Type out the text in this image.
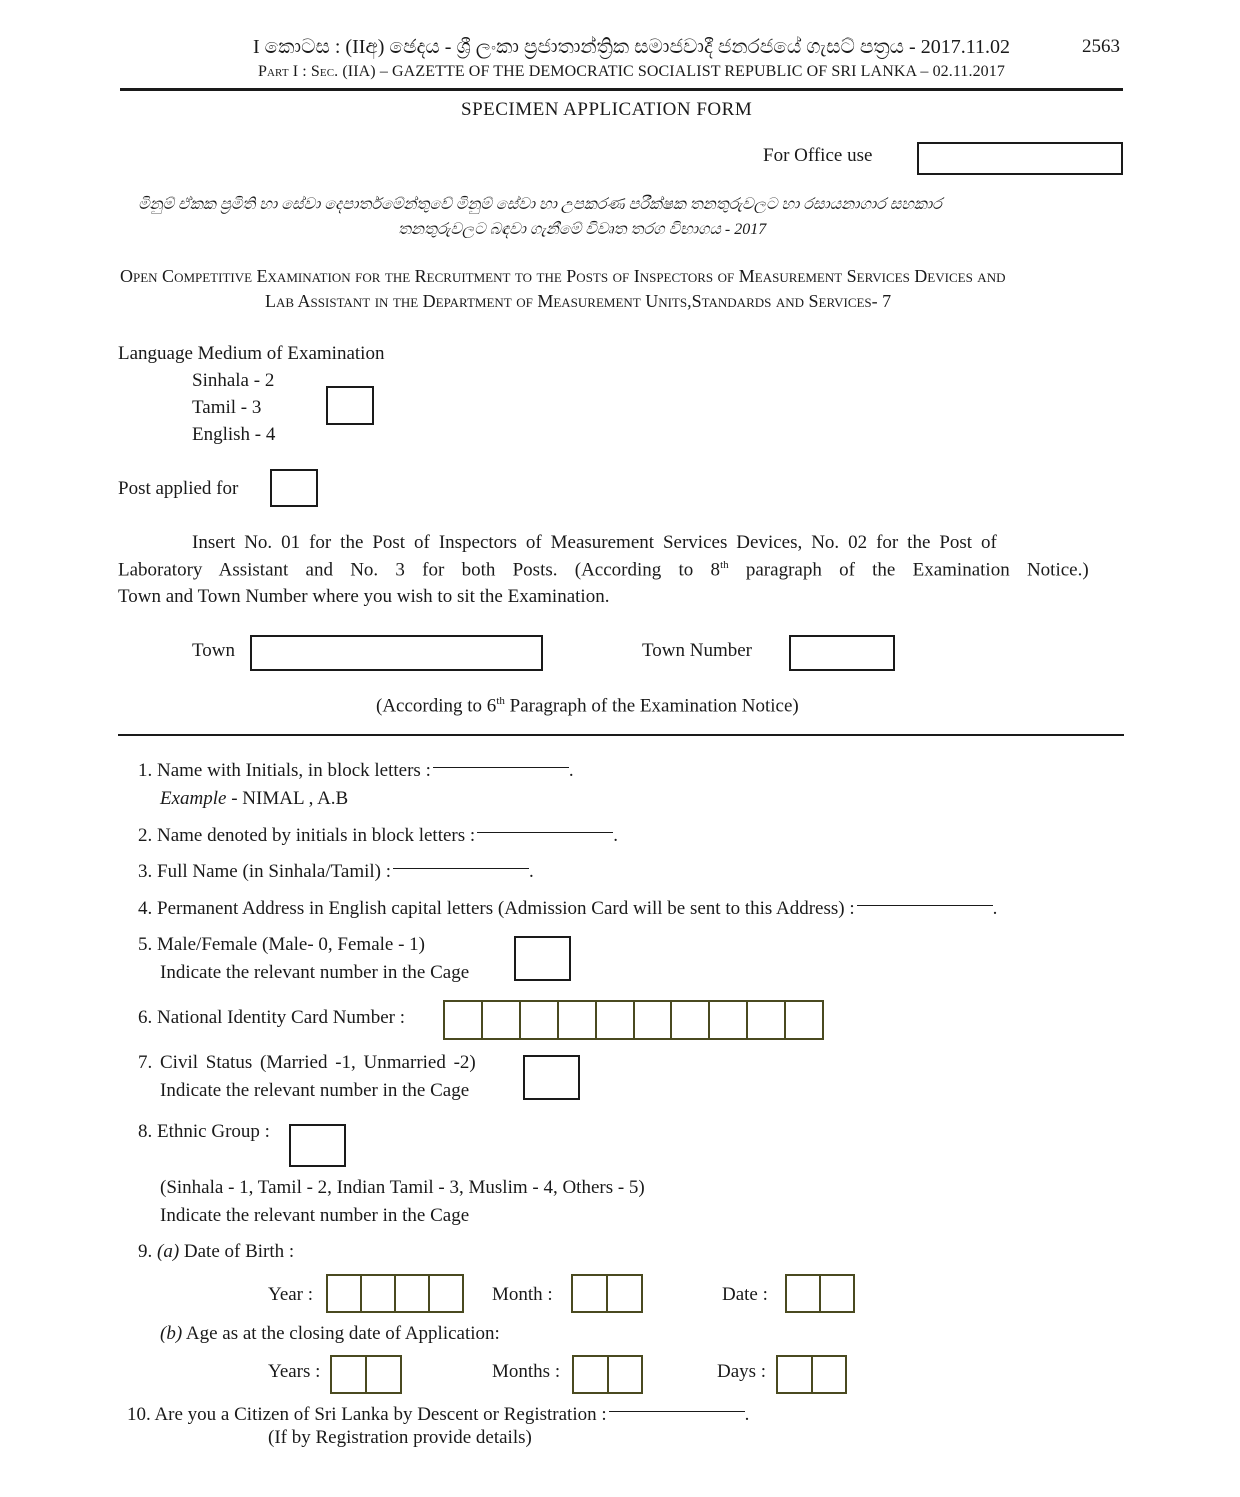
I කොටස : (IIඅ) ඡෙදය - ශ්‍රී ලංකා ප්‍රජාතාන්ත්‍රික සමාජවාදී ජනරජයේ ගැසට් පත්‍රය - 2017.11.02	2563
Part I : Sec. (IIA) – GAZETTE OF THE DEMOCRATIC SOCIALIST REPUBLIC OF SRI LANKA – 02.11.2017
SPECIMEN APPLICATION FORM
For Office use
මිනුම් ඒකක ප්‍රමිති හා සේවා දෙපාර්තමේන්තුවේ මිනුම් සේවා හා උපකරණ පරීක්ෂක තනතුරුවලට හා රසායනාගාර සහකාර
තනතුරුවලට බඳවා ගැනීමේ විවෘත තරග විභාගය - 2017
Open Competitive Examination for the Recruitment to the Posts of Inspectors of Measurement Services Devices and
Lab Assistant in the Department of Measurement Units,Standards and Services- 7
Language Medium of Examination
Sinhala - 2
Tamil - 3
English - 4
Post applied for
Insert No. 01 for the Post of Inspectors of Measurement Services Devices, No. 02 for the Post of
Laboratory Assistant and No. 3 for both Posts. (According to 8th paragraph of the Examination Notice.)
Town and Town Number where you wish to sit the Examination.
Town	Town Number
(According to 6th Paragraph of the Examination Notice)
1. Name with Initials, in block letters :	.
Example - NIMAL , A.B
2. Name denoted by initials in block letters :	.
3. Full Name (in Sinhala/Tamil) :	.
4. Permanent Address in English capital letters (Admission Card will be sent to this Address) :	.
5. Male/Female (Male- 0, Female - 1)
Indicate the relevant number in the Cage
6. National Identity Card Number :
7. Civil Status (Married -1, Unmarried -2)
Indicate the relevant number in the Cage
8. Ethnic Group :
(Sinhala - 1, Tamil - 2, Indian Tamil - 3, Muslim - 4, Others - 5)
Indicate the relevant number in the Cage
9. (a) Date of Birth :
Year :	Month :	Date :
(b) Age as at the closing date of Application:
Years :	Months :	Days :
10. Are you a Citizen of Sri Lanka by Descent or Registration :	.
(If by Registration provide details)
